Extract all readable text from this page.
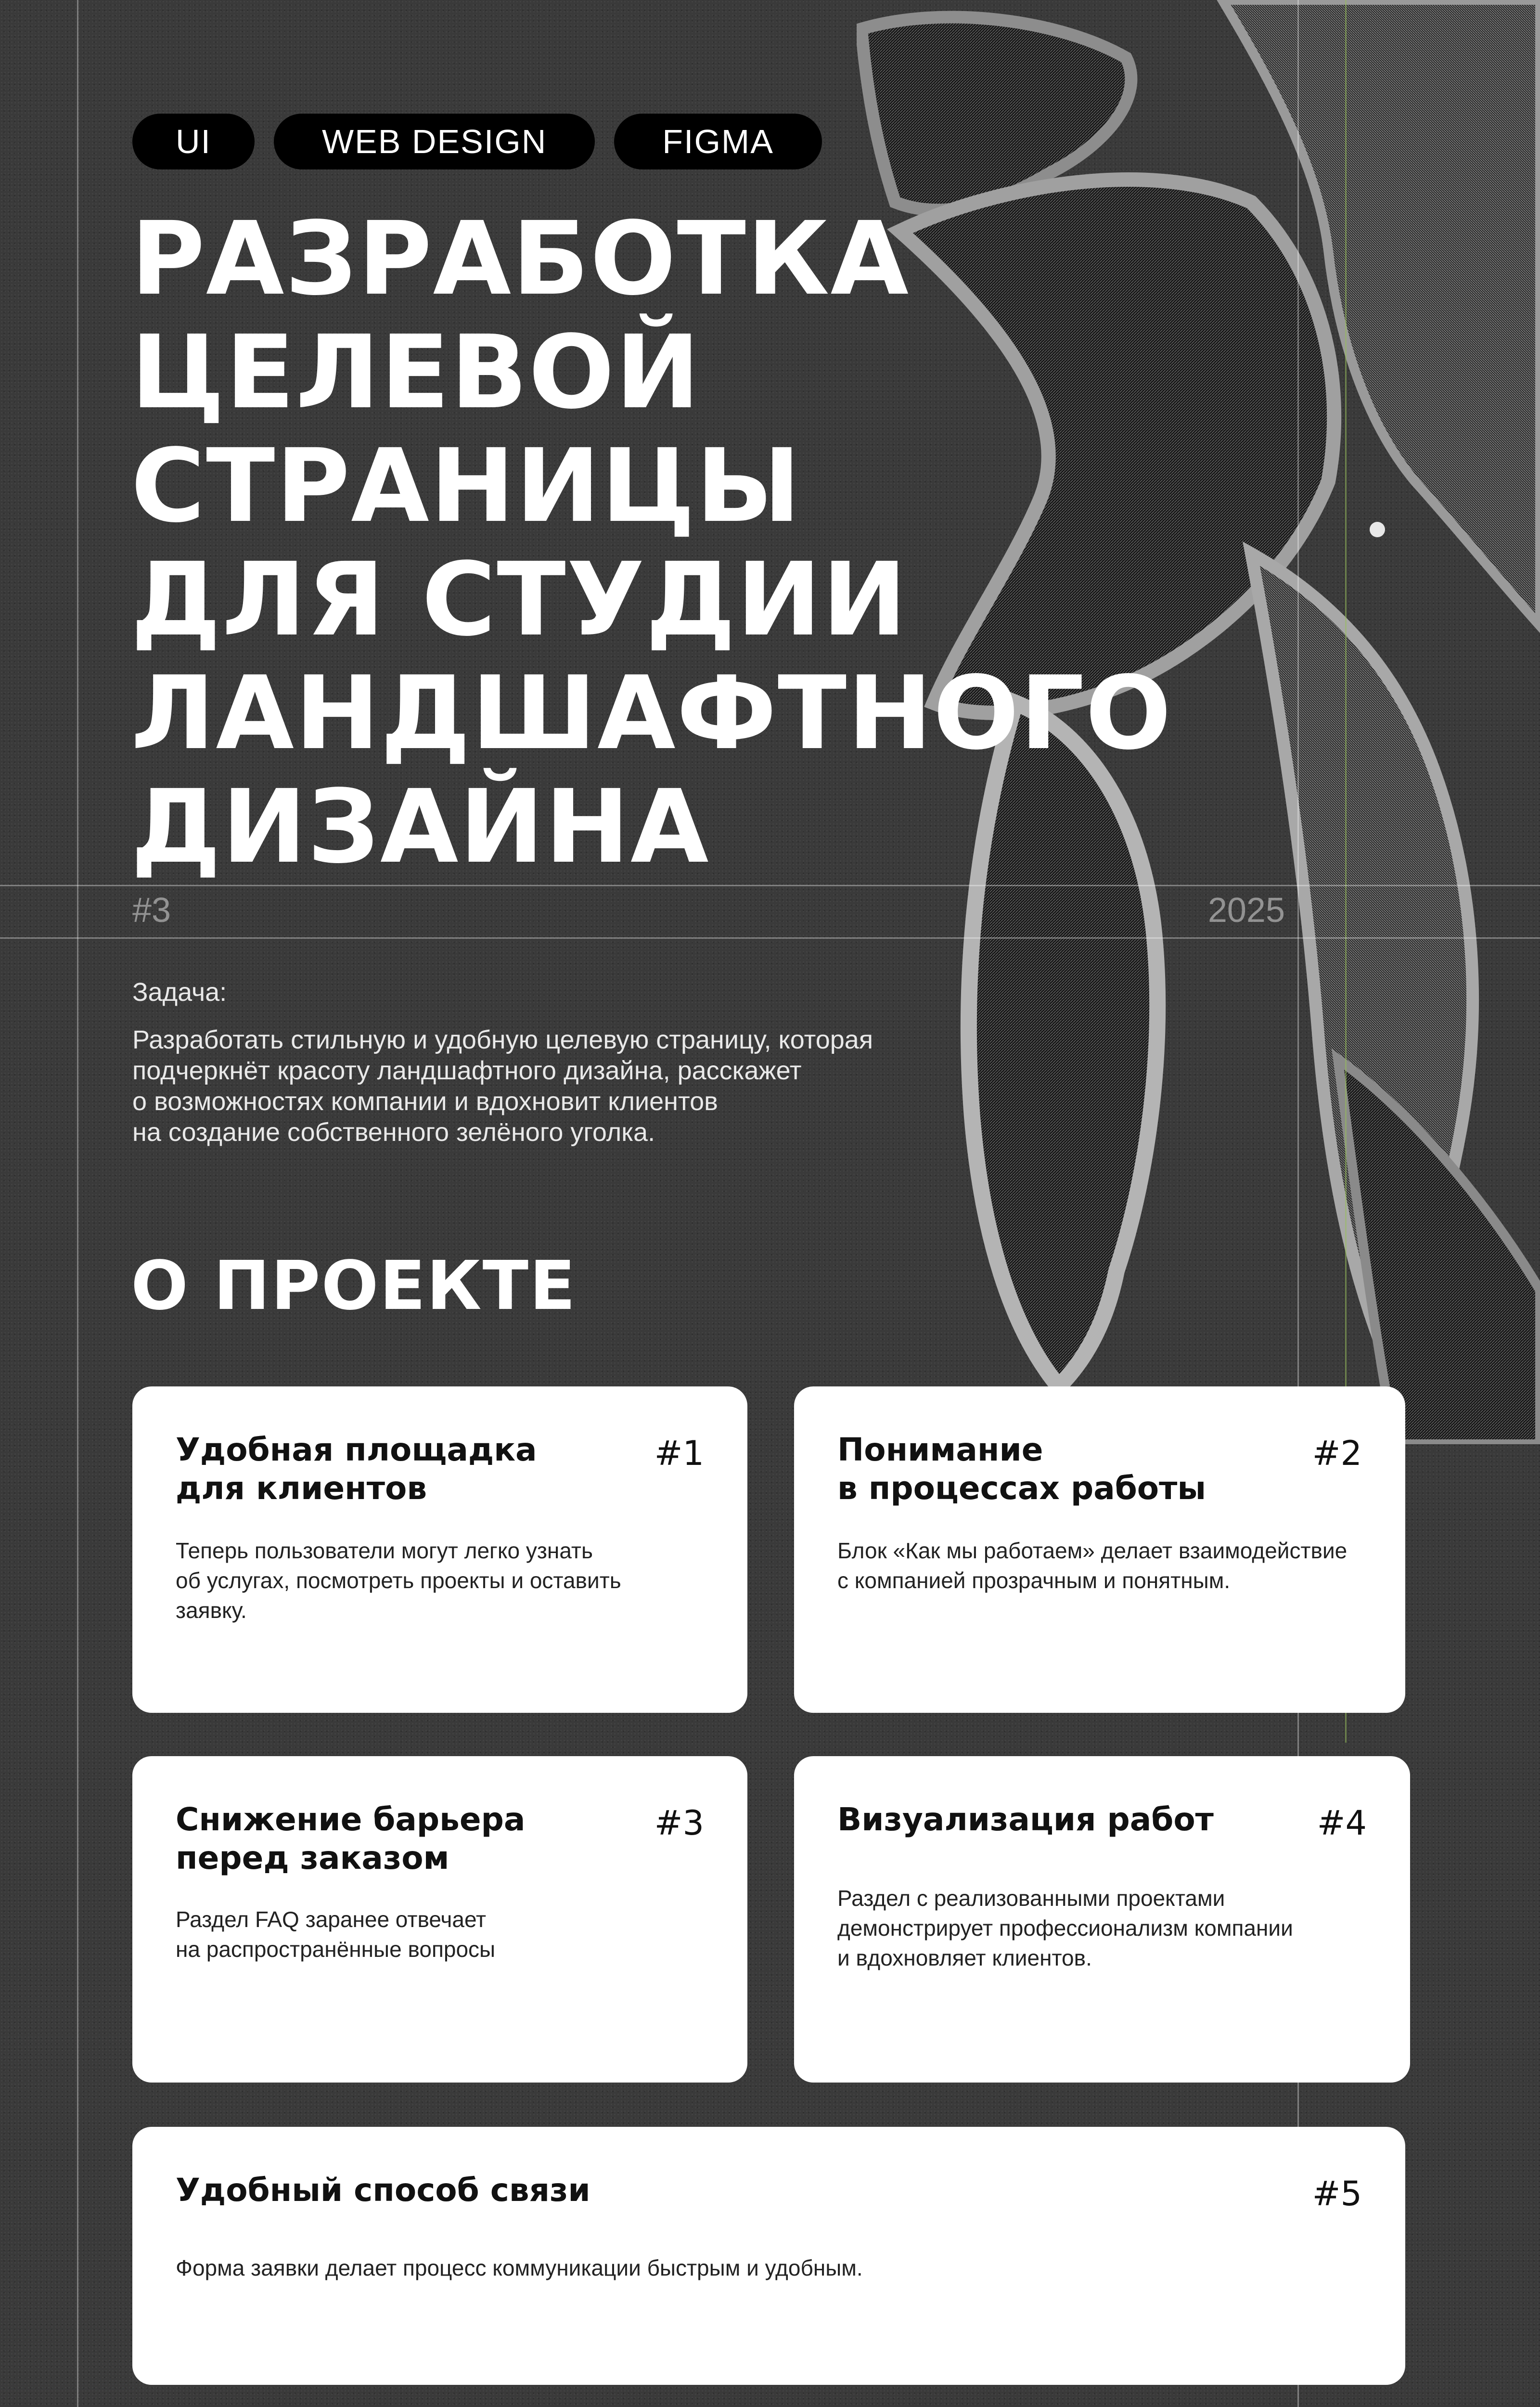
UI	WEB DESIGN	FIGMA
РАЗРАБОТКА
ЦЕЛЕВОЙ СТРАНИЦЫ
ДЛЯ СТУДИИ
ЛАНДШАФТНОГО
ДИЗАЙНА
#3	2025
Задача:
Разработать стильную и удобную целевую страницу, которая
подчеркнёт красоту ландшафтного дизайна, расскажет
о возможностях компании и вдохновит клиентов
на создание собственного зелёного уголка.
О ПРОЕКТЕ
Удобная площадка
для клиентов
#1
Теперь пользователи могут легко узнать
об услугах, посмотреть проекты и оставить
заявку.
Понимание
в процессах работы
#2
Блок «Как мы работаем» делает взаимодействие
с компанией прозрачным и понятным.
Снижение барьера
перед заказом
#3
Раздел FAQ заранее отвечает
на распространённые вопросы
Визуализация работ	#4
Раздел с реализованными проектами
демонстрирует профессионализм компании
и вдохновляет клиентов.
Удобный способ связи	#5
Форма заявки делает процесс коммуникации быстрым и удобным.
